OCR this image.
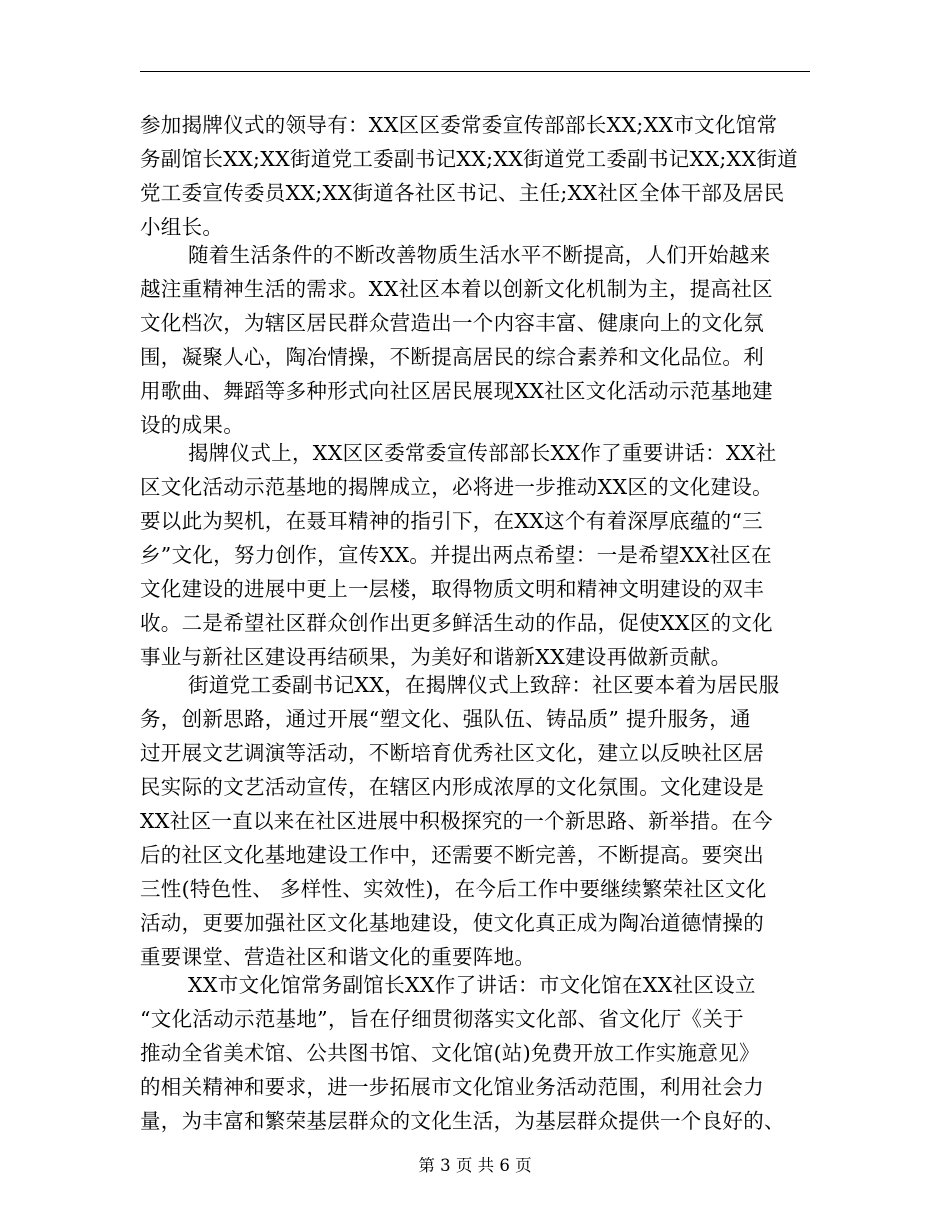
参加揭牌仪式的领导有：XX区区委常委宣传部部长XX;XX市文化馆常
务副馆长XX;XX街道党工委副书记XX;XX街道党工委副书记XX;XX街道
党工委宣传委员XX;XX街道各社区书记、主任;XX社区全体干部及居民
小组长。
随着生活条件的不断改善物质生活水平不断提高，人们开始越来
越注重精神生活的需求。XX社区本着以创新文化机制为主，提高社区
文化档次，为辖区居民群众营造出一个内容丰富、健康向上的文化氛
围，凝聚人心，陶冶情操，不断提高居民的综合素养和文化品位。利
用歌曲、舞蹈等多种形式向社区居民展现XX社区文化活动示范基地建
设的成果。
揭牌仪式上，XX区区委常委宣传部部长XX作了重要讲话：XX社
区文化活动示范基地的揭牌成立，必将进一步推动XX区的文化建设。
要以此为契机，在聂耳精神的指引下，在XX这个有着深厚底蕴的“三
乡”文化，努力创作，宣传XX。并提出两点希望：一是希望XX社区在
文化建设的进展中更上一层楼，取得物质文明和精神文明建设的双丰
收。二是希望社区群众创作出更多鲜活生动的作品，促使XX区的文化
事业与新社区建设再结硕果，为美好和谐新XX建设再做新贡献。
街道党工委副书记XX，在揭牌仪式上致辞：社区要本着为居民服
务，创新思路，通过开展“塑文化、强队伍、铸品质” 提升服务，通
过开展文艺调演等活动，不断培育优秀社区文化，建立以反映社区居
民实际的文艺活动宣传，在辖区内形成浓厚的文化氛围。文化建设是
XX社区一直以来在社区进展中积极探究的一个新思路、新举措。在今
后的社区文化基地建设工作中，还需要不断完善，不断提高。要突出
三性(特色性、 多样性、实效性)，在今后工作中要继续繁荣社区文化
活动，更要加强社区文化基地建设，使文化真正成为陶冶道德情操的
重要课堂、营造社区和谐文化的重要阵地。
XX市文化馆常务副馆长XX作了讲话：市文化馆在XX社区设立
“文化活动示范基地”，旨在仔细贯彻落实文化部、省文化厅《关于
推动全省美术馆、公共图书馆、文化馆(站)免费开放工作实施意见》
的相关精神和要求，进一步拓展市文化馆业务活动范围，利用社会力
量，为丰富和繁荣基层群众的文化生活，为基层群众提供一个良好的、
第 3 页 共 6 页
